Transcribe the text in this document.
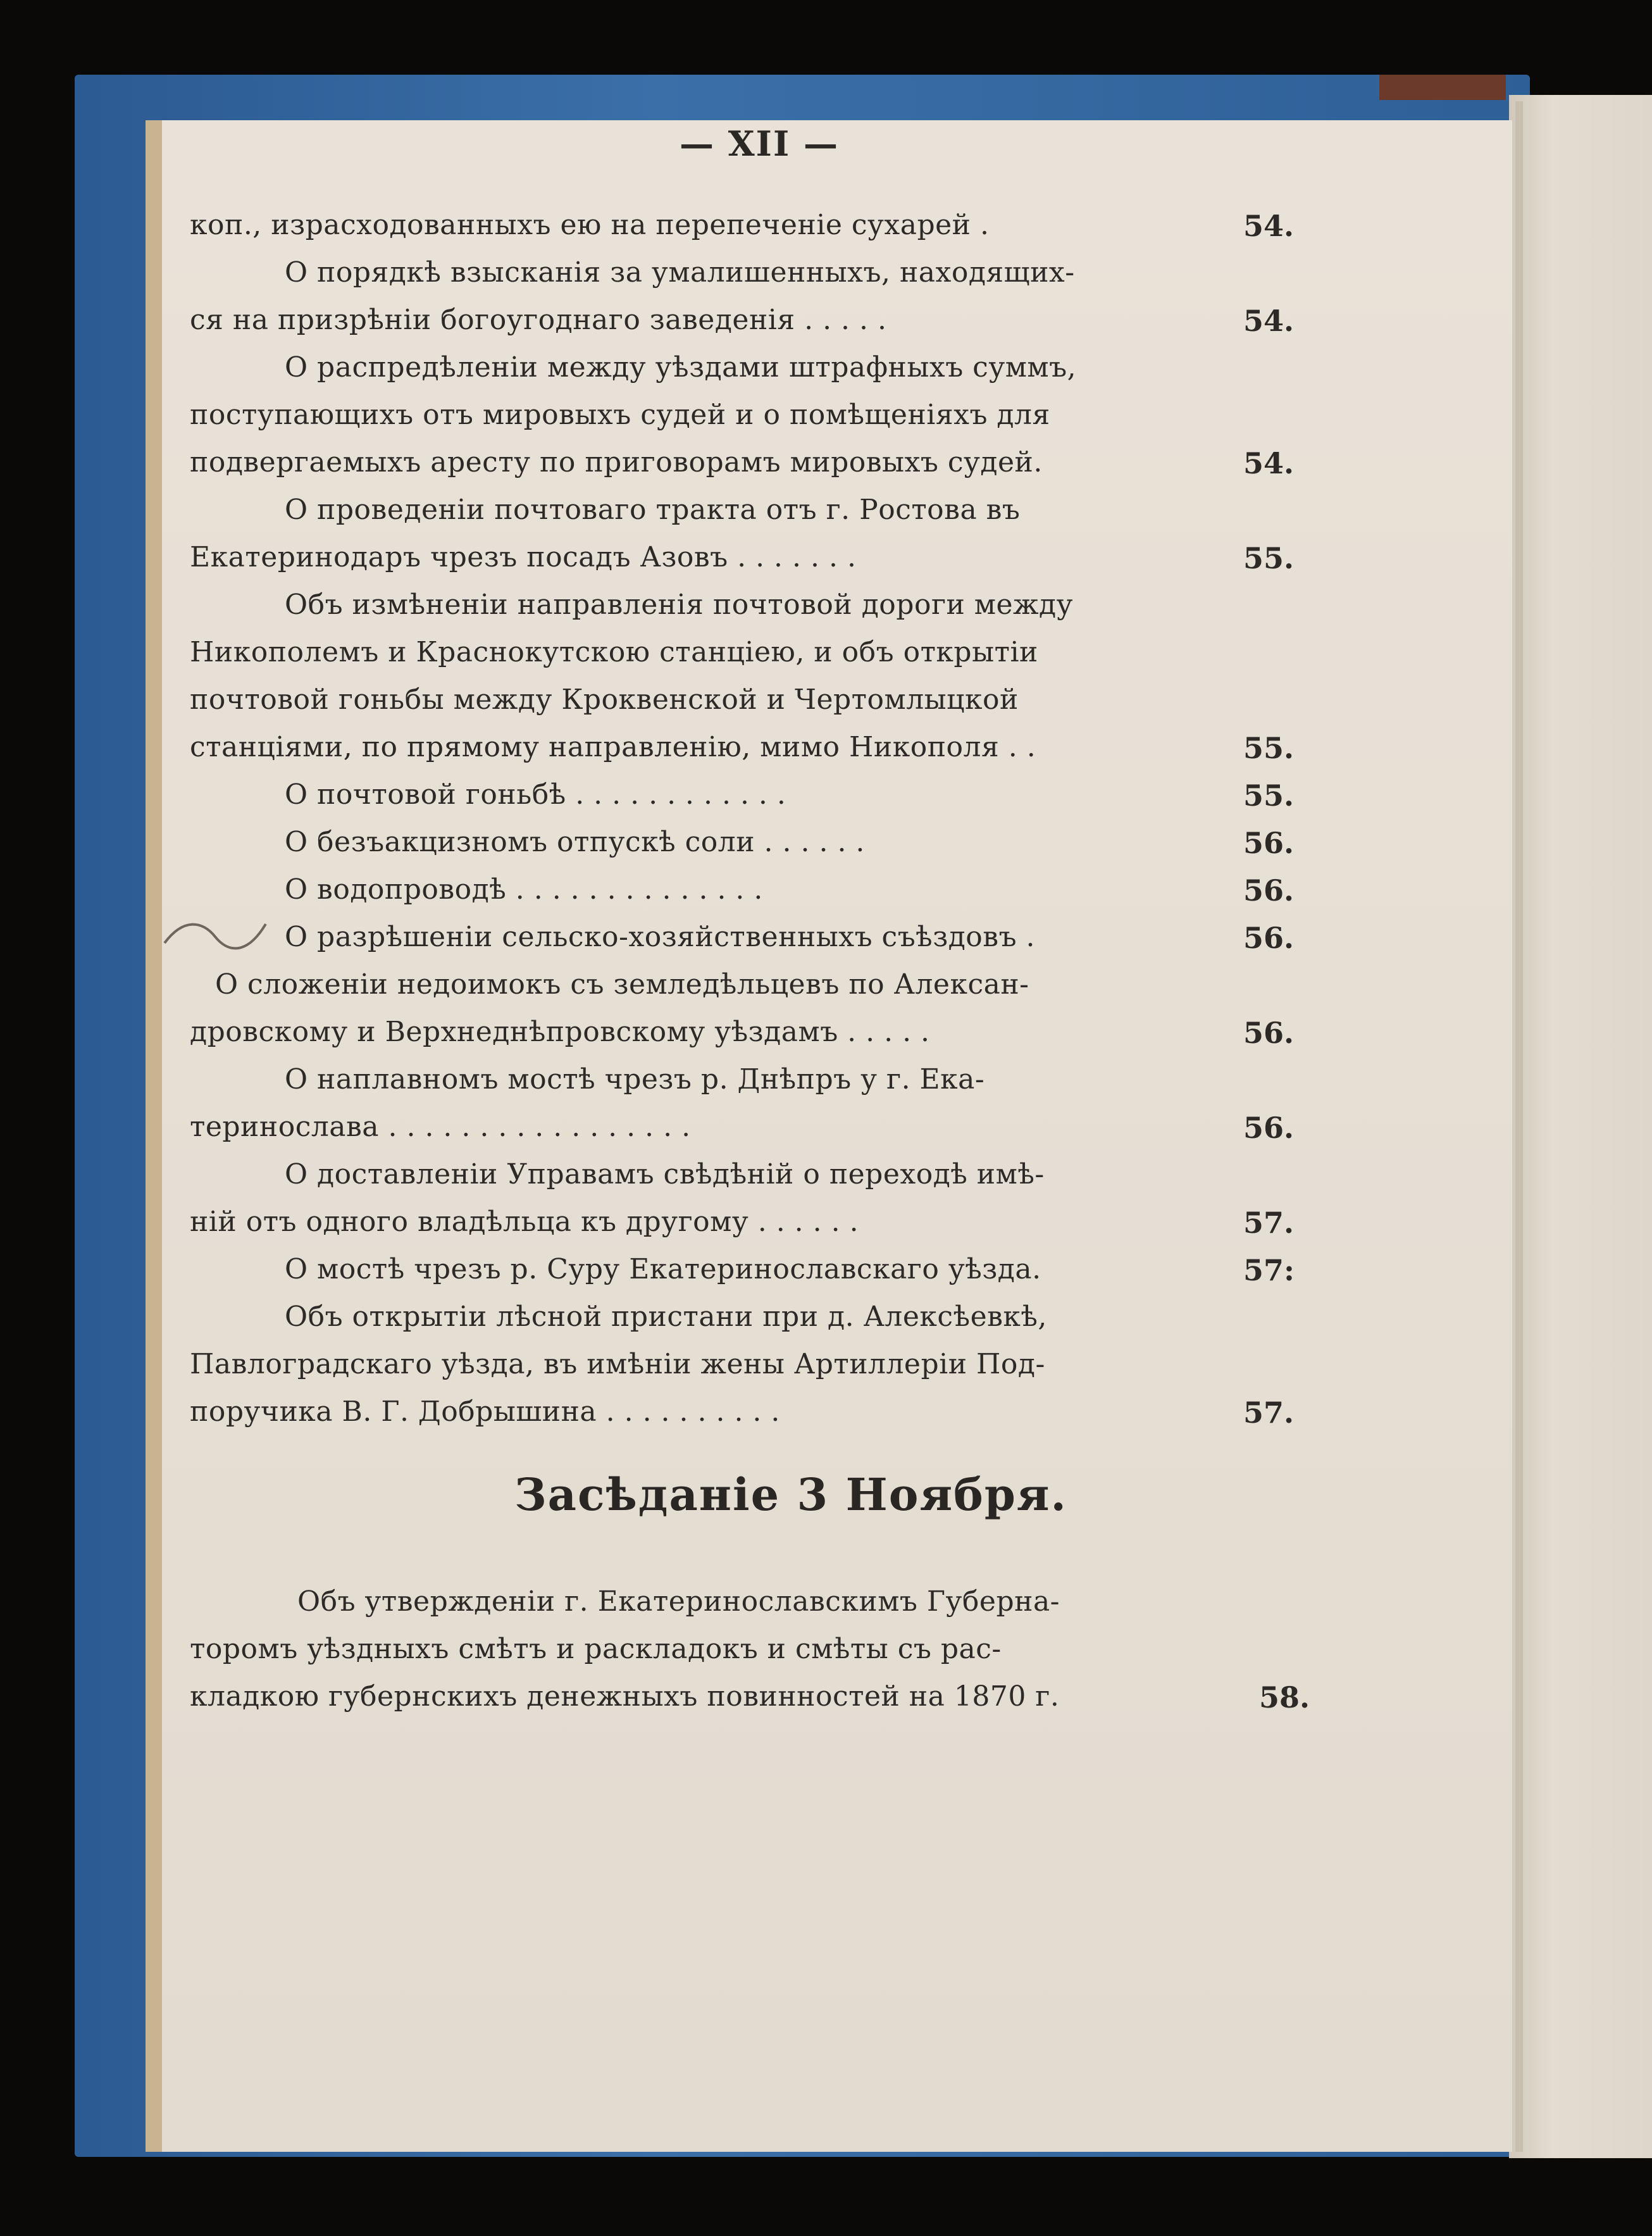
— XII —
коп., израсходованныхъ ею на перепеченіе сухарей .	54.
О порядкѣ взысканія за умалишенныхъ, находящих-
ся на призрѣніи богоугоднаго заведенія . . . . .	54.
О распредѣленіи между уѣздами штрафныхъ суммъ,
поступающихъ отъ мировыхъ судей и о помѣщеніяхъ для
подвергаемыхъ аресту по приговорамъ мировыхъ судей.	54.
О проведеніи почтоваго тракта отъ г. Ростова въ
Екатеринодаръ чрезъ посадъ Азовъ . . . . . . .	55.
Объ измѣненіи направленія почтовой дороги между
Никополемъ и Краснокутскою станціею, и объ открытіи
почтовой гоньбы между Кроквенской и Чертомлыцкой
станціями, по прямому направленію, мимо Никополя . .	55.
О почтовой гоньбѣ . . . . . . . . . . . .	55.
О безъакцизномъ отпускѣ соли . . . . . .	56.
О водопроводѣ . . . . . . . . . . . . . .	56.
О разрѣшеніи сельско-хозяйственныхъ съѣздовъ .	56.
О сложеніи недоимокъ съ земледѣльцевъ по Алексан-
дровскому и Верхнеднѣпровскому уѣздамъ . . . . .	56.
О наплавномъ мостѣ чрезъ р. Днѣпръ у г. Ека-
теринослава . . . . . . . . . . . . . . . . .	56.
О доставленіи Управамъ свѣдѣній о переходѣ имѣ-
ній отъ одного владѣльца къ другому . . . . . .	57.
О мостѣ чрезъ р. Суру Екатеринославскаго уѣзда.	57:
Объ открытіи лѣсной пристани при д. Алексѣевкѣ,
Павлоградскаго уѣзда, въ имѣніи жены Артиллеріи Под-
поручика В. Г. Добрышина . . . . . . . . . .	57.
Засѣданіе 3 Ноября.
Объ утвержденіи г. Екатеринославскимъ Губерна-
торомъ уѣздныхъ смѣтъ и раскладокъ и смѣты съ рас-
кладкою губернскихъ денежныхъ повинностей на 1870 г.	58.
